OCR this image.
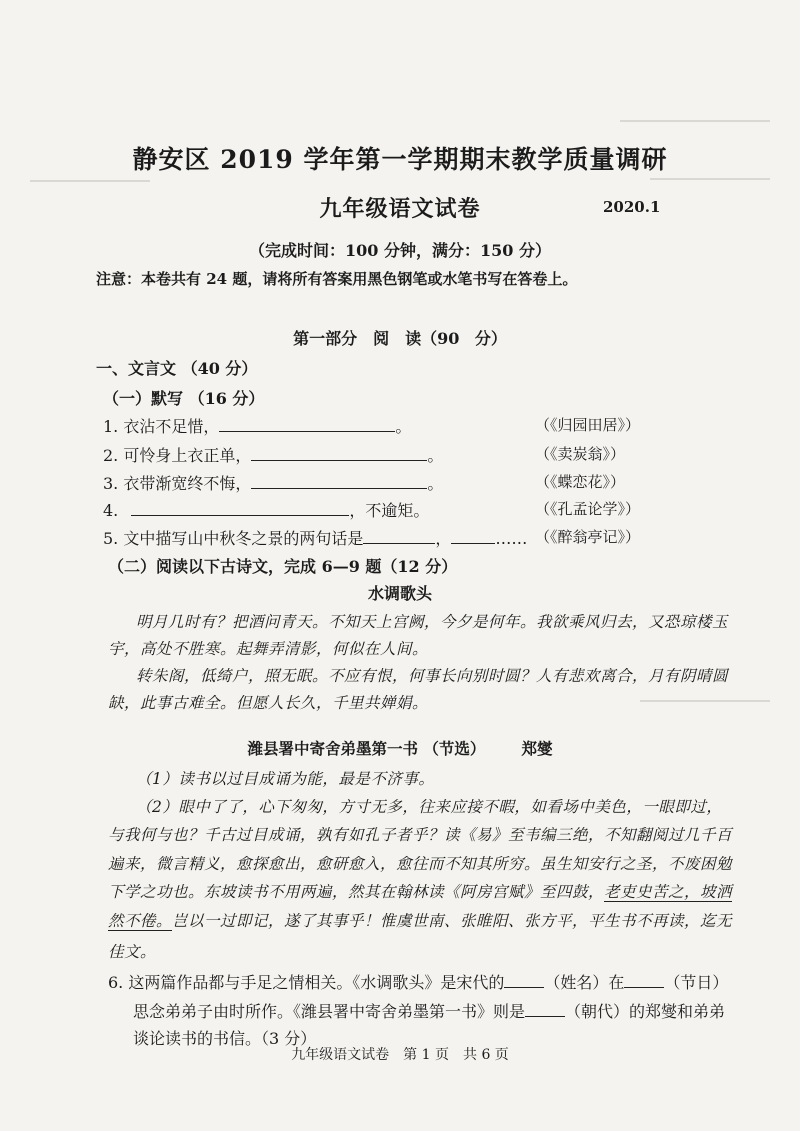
静安区 2019 学年第一学期期末教学质量调研
九年级语文试卷	2020.1
（完成时间：100 分钟，满分：150 分）
注意：本卷共有 24 题，请将所有答案用黑色钢笔或水笔书写在答卷上。
第一部分　阅　读（90 分）
一、文言文 （40 分）
（一）默写 （16 分）
1. 衣沾不足惜，	。	（《归园田居》）
2. 可怜身上衣正单，	。	（《卖炭翁》）
3. 衣带渐宽终不悔，	。	（《蝶恋花》）
4.	，不逾矩。	（《孔孟论学》）
5. 文中描写山中秋冬之景的两句话是	，	…… （《醉翁亭记》）
（二）阅读以下古诗文，完成 6—9 题（12 分）
水调歌头
明月几时有？把酒问青天。不知天上宫阙，今夕是何年。我欲乘风归去，又恐琼楼玉
宇，高处不胜寒。起舞弄清影，何似在人间。
转朱阁，低绮户，照无眠。不应有恨，何事长向别时圆？人有悲欢离合，月有阴晴圆
缺，此事古难全。但愿人长久，千里共婵娟。
潍县署中寄舍弟墨第一书 （节选） 郑燮
（1）读书以过目成诵为能，最是不济事。
（2）眼中了了，心下匆匆，方寸无多，往来应接不暇，如看场中美色，一眼即过，
与我何与也？千古过目成诵，孰有如孔子者乎？读《易》至韦编三绝，不知翻阅过几千百
遍来，微言精义，愈探愈出，愈研愈入，愈往而不知其所穷。虽生知安行之圣，不废困勉
下学之功也。东坡读书不用两遍，然其在翰林读《阿房宫赋》至四鼓，老吏史苦之，坡洒
然不倦。岂以一过即记，遂了其事乎！惟虞世南、张睢阳、张方平，平生书不再读，迄无
佳文。
6. 这两篇作品都与手足之情相关。《水调歌头》是宋代的	（姓名）在	（节日）
思念弟弟子由时所作。《潍县署中寄舍弟墨第一书》则是	（朝代）的郑燮和弟弟
谈论读书的书信。（3 分）
九年级语文试卷　第 1 页　共 6 页
